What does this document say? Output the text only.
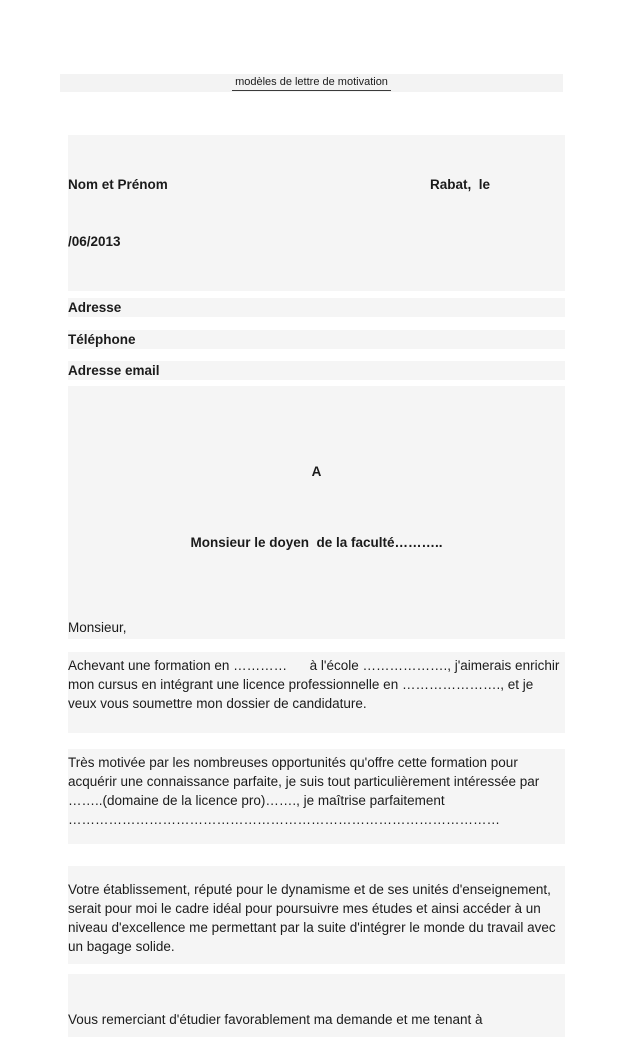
modèles de lettre de motivation

Nom et Prénom	Rabat,  le

/06/2013

Adresse
Téléphone
Adresse email

A

Monsieur le doyen  de la faculté………..

Monsieur,
Achevant une formation en …………      à l'école ………………., j'aimerais enrichir mon cursus en intégrant une licence professionnelle en …………………., et je veux vous soumettre mon dossier de candidature.
Très motivée par les nombreuses opportunités qu'offre cette formation pour acquérir une connaissance parfaite, je suis tout particulièrement intéressée par ……..(domaine de la licence pro)……., je maîtrise parfaitement ……………………………………………………………………………………
Votre établissement, réputé pour le dynamisme et de ses unités d'enseignement, serait pour moi le cadre idéal pour poursuivre mes études et ainsi accéder à un niveau d'excellence me permettant par la suite d'intégrer le monde du travail avec un bagage solide.
Vous remerciant d'étudier favorablement ma demande et me tenant à
